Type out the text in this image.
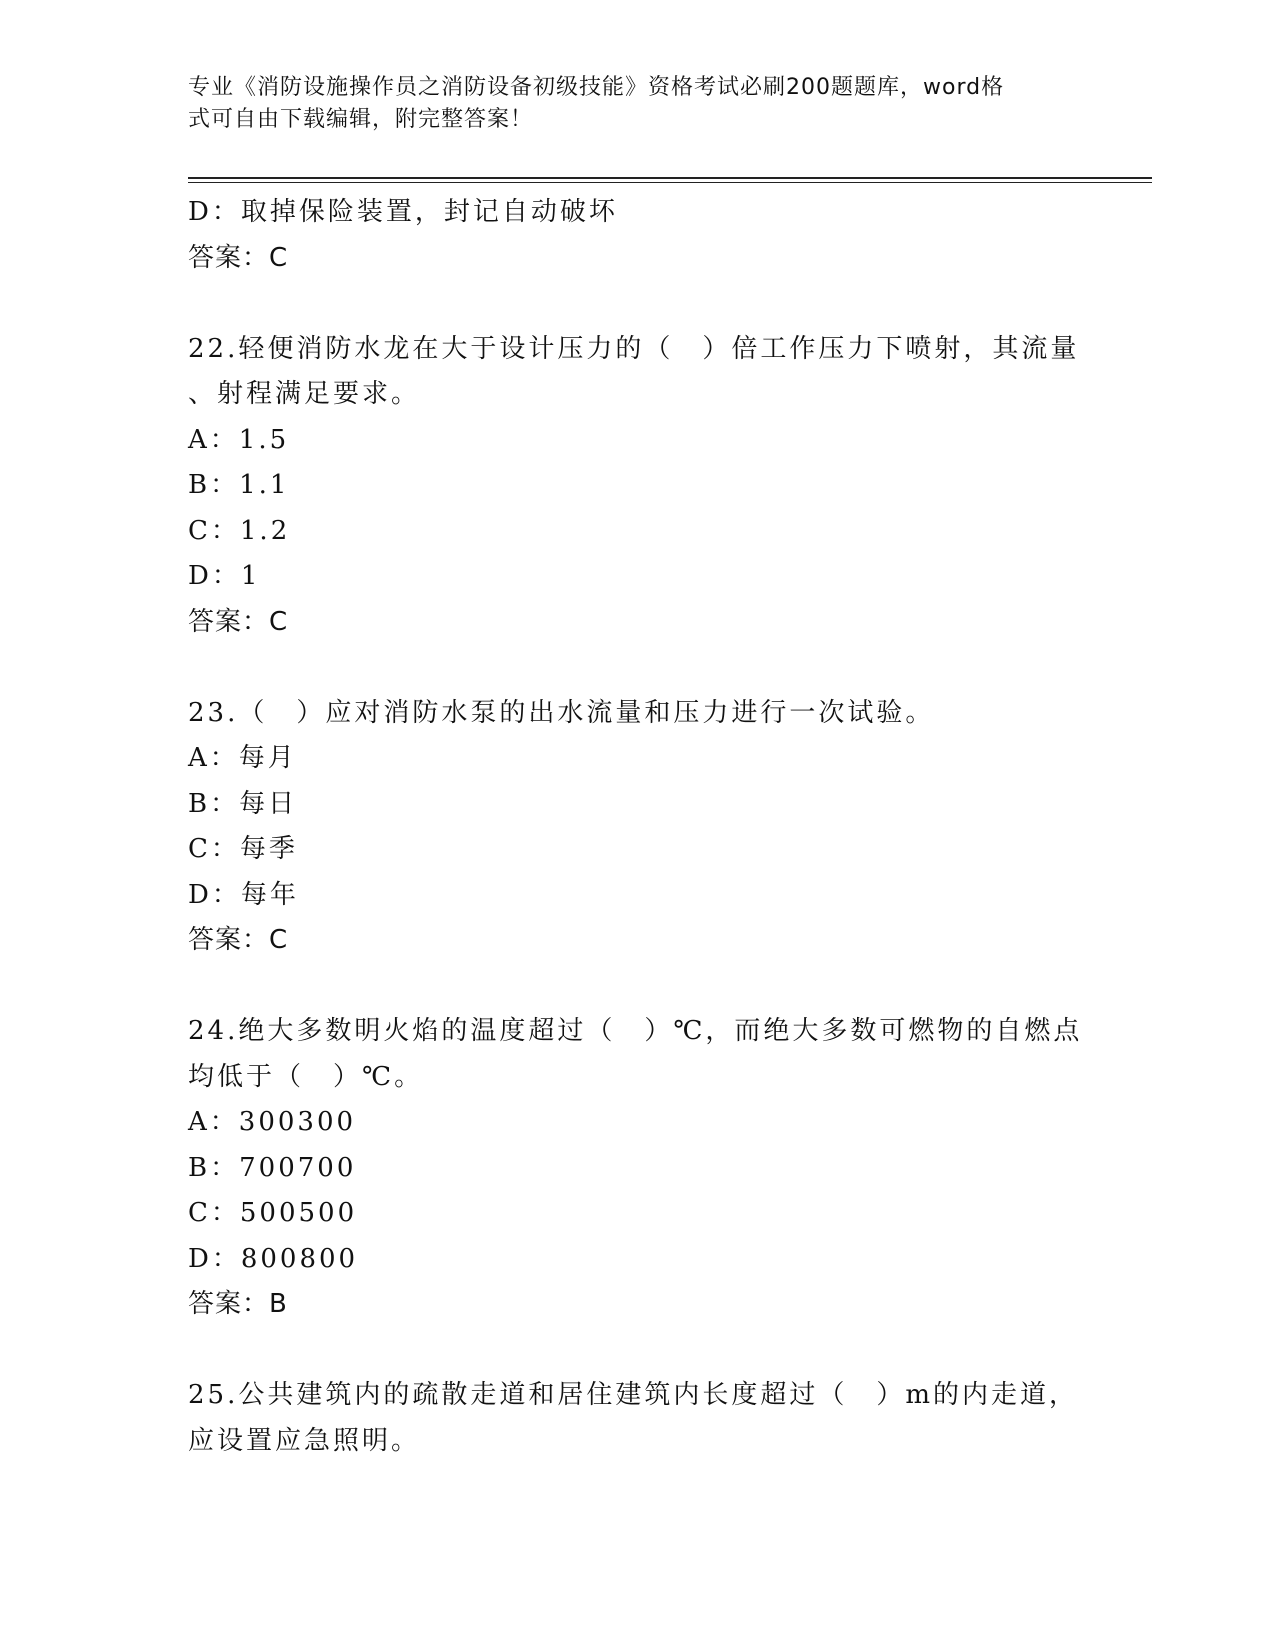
专业《消防设施操作员之消防设备初级技能》资格考试必刷200题题库，word格
式可自由下载编辑，附完整答案！
D：取掉保险装置，封记自动破坏
答案：C
22.轻便消防水龙在大于设计压力的（　）倍工作压力下喷射，其流量
、射程满足要求。
A：1.5
B：1.1
C：1.2
D：1
答案：C
23.（　）应对消防水泵的出水流量和压力进行一次试验。
A：每月
B：每日
C：每季
D：每年
答案：C
24.绝大多数明火焰的温度超过（　）℃，而绝大多数可燃物的自燃点
均低于（　）℃。
A：300300
B：700700
C：500500
D：800800
答案：B
25.公共建筑内的疏散走道和居住建筑内长度超过（　）m的内走道，
应设置应急照明。
